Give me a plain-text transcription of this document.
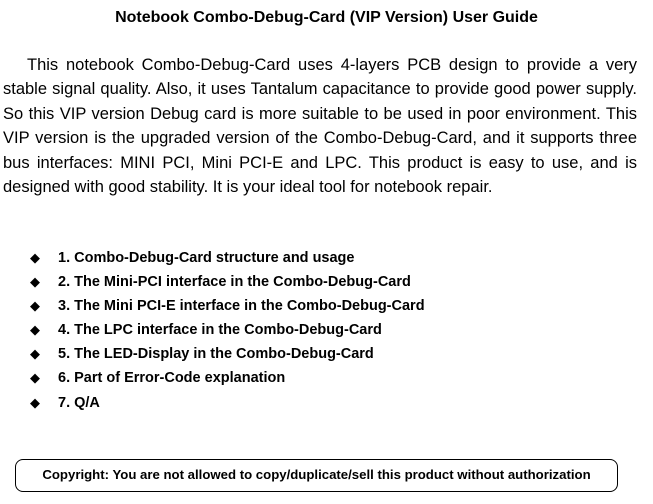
Notebook Combo-Debug-Card (VIP Version) User Guide

This notebook Combo-Debug-Card uses 4-layers PCB design to provide a very stable signal quality. Also, it uses Tantalum capacitance to provide good power supply. So this VIP version Debug card is more suitable to be used in poor environment. This VIP version is the upgraded version of the Combo-Debug-Card, and it supports three bus interfaces: MINI PCI, Mini PCI-E and LPC. This product is easy to use, and is designed with good stability. It is your ideal tool for notebook repair.

◆ 1. Combo-Debug-Card structure and usage
◆ 2. The Mini-PCI interface in the Combo-Debug-Card
◆ 3. The Mini PCI-E interface in the Combo-Debug-Card
◆ 4. The LPC interface in the Combo-Debug-Card
◆ 5. The LED-Display in the Combo-Debug-Card
◆ 6. Part of Error-Code explanation
◆ 7. Q/A
Copyright: You are not allowed to copy/duplicate/sell this product without authorization
